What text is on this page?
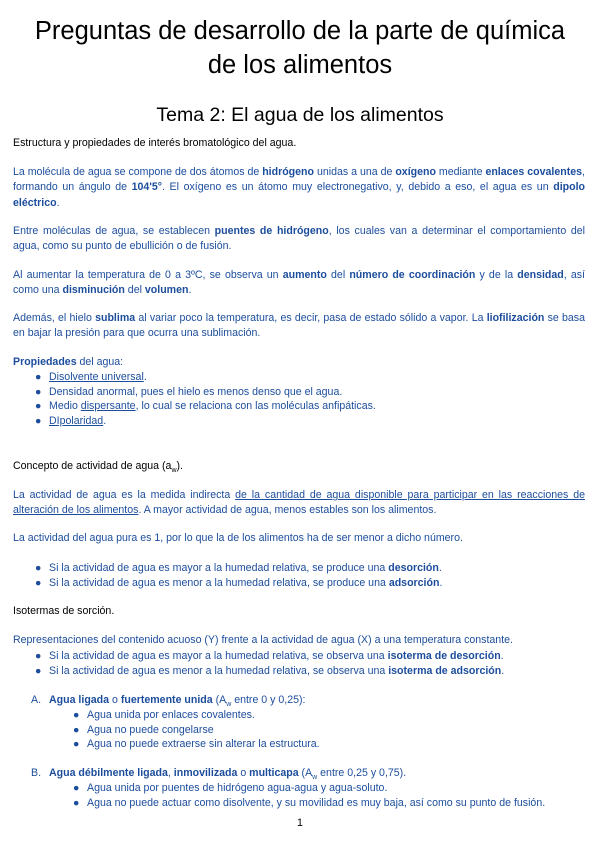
Preguntas de desarrollo de la parte de química
de los alimentos
Tema 2: El agua de los alimentos

Estructura y propiedades de interés bromatológico del agua.

La molécula de agua se compone de dos átomos de hidrógeno unidas a una de oxígeno mediante enlaces covalentes, formando un ángulo de 104'5°. El oxígeno es un átomo muy electronegativo, y, debido a eso, el agua es un dipolo eléctrico.

Entre moléculas de agua, se establecen puentes de hidrógeno, los cuales van a determinar el comportamiento del agua, como su punto de ebullición o de fusión.

Al aumentar la temperatura de 0 a 3ºC, se observa un aumento del número de coordinación y de la densidad, así como una disminución del volumen.

Además, el hielo sublima al variar poco la temperatura, es decir, pasa de estado sólido a vapor. La liofilización se basa en bajar la presión para que ocurra una sublimación.

Propiedades del agua:

● Disolvente universal.
● Densidad anormal, pues el hielo es menos denso que el agua.
● Medio dispersante, lo cual se relaciona con las moléculas anfipáticas.
● DIpolaridad.

Concepto de actividad de agua $(a_w)$.

La actividad de agua es la medida indirecta de la cantidad de agua disponible para participar en las reacciones de alteración de los alimentos. A mayor actividad de agua, menos estables son los alimentos.

La actividad del agua pura es 1, por lo que la de los alimentos ha de ser menor a dicho número.

● Si la actividad de agua es mayor a la humedad relativa, se produce una desorción.
● Si la actividad de agua es menor a la humedad relativa, se produce una adsorción.

Isotermas de sorción.

Representaciones del contenido acuoso (Y) frente a la actividad de agua (X) a una temperatura constante.

● Si la actividad de agua es mayor a la humedad relativa, se observa una isoterma de desorción.
● Si la actividad de agua es menor a la humedad relativa, se observa una isoterma de adsorción.
A. Agua ligada o fuertemente unida ($A_w$ entre 0 y 0,25):
● Agua unida por enlaces covalentes.
● Agua no puede congelarse
● Agua no puede extraerse sin alterar la estructura.
B. Agua débilmente ligada, inmovilizada o multicapa ($A_w$ entre 0,25 y 0,75).
● Agua unida por puentes de hidrógeno agua-agua y agua-soluto.
● Agua no puede actuar como disolvente, y su movilidad es muy baja, así como su punto de fusión.
1
